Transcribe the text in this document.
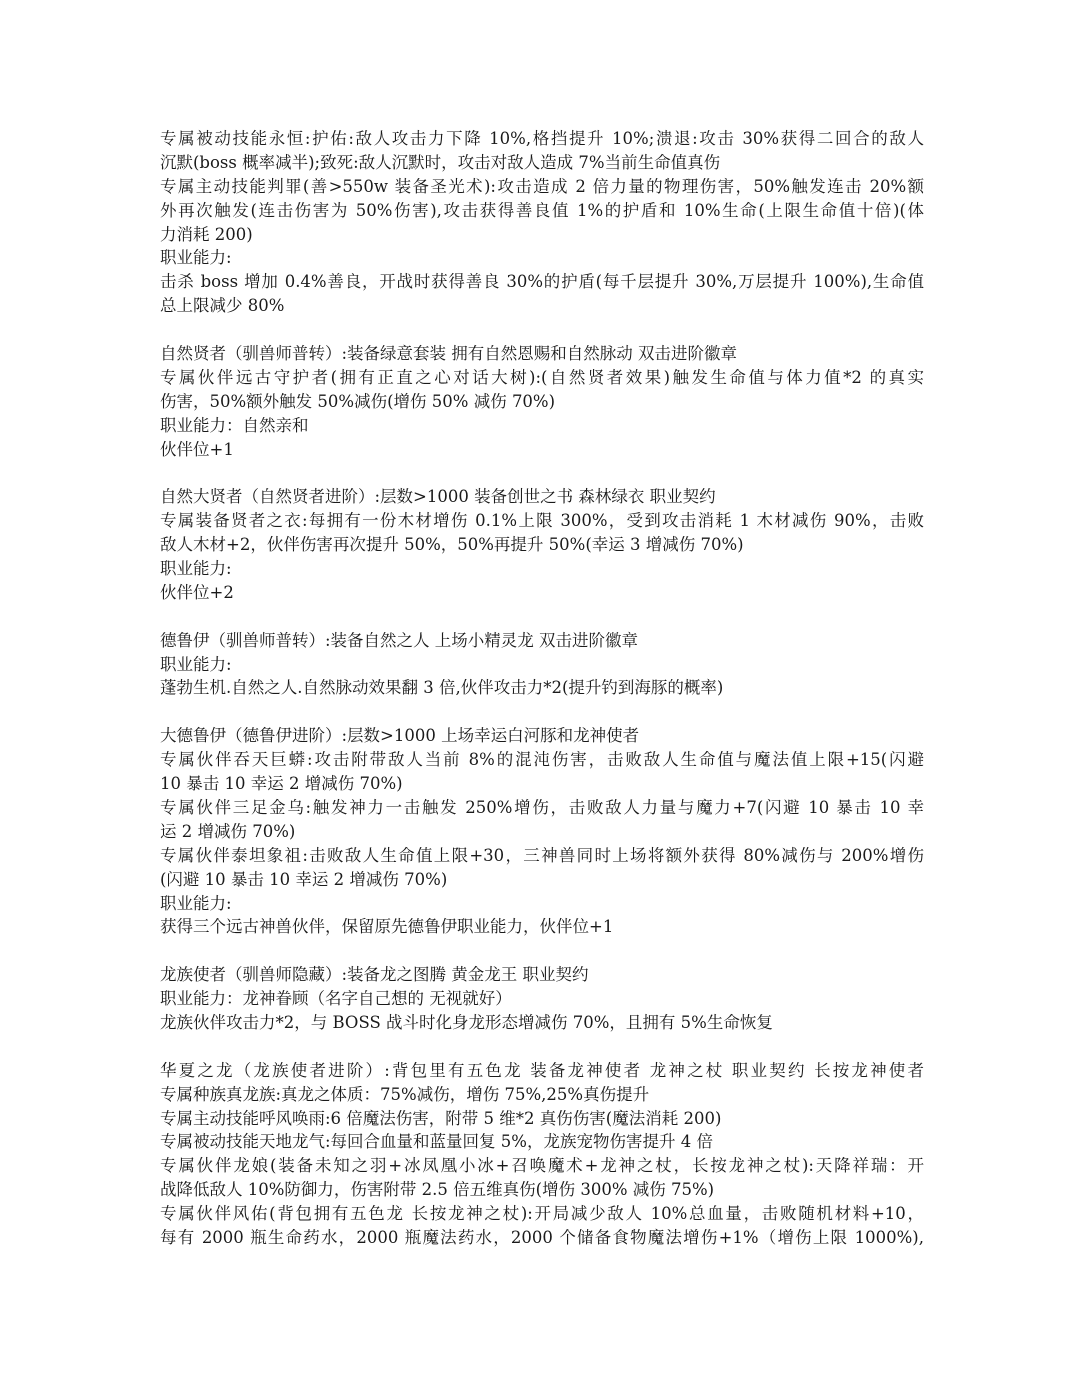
专属被动技能永恒:护佑:敌人攻击力下降 10%,格挡提升 10%;溃退:攻击 30%获得二回合的敌人
沉默(boss 概率减半);致死:敌人沉默时，攻击对敌人造成 7%当前生命值真伤
专属主动技能判罪(善>550w 装备圣光术):攻击造成 2 倍力量的物理伤害，50%触发连击 20%额
外再次触发(连击伤害为 50%伤害),攻击获得善良值 1%的护盾和 10%生命(上限生命值十倍)(体
力消耗 200)
职业能力:
击杀 boss 增加 0.4%善良，开战时获得善良 30%的护盾(每千层提升 30%,万层提升 100%),生命值
总上限减少 80%
自然贤者（驯兽师普转）:装备绿意套装 拥有自然恩赐和自然脉动 双击进阶徽章
专属伙伴远古守护者(拥有正直之心对话大树):(自然贤者效果)触发生命值与体力值*2 的真实
伤害，50%额外触发 50%减伤(增伤 50% 减伤 70%)
职业能力：自然亲和
伙伴位+1
自然大贤者（自然贤者进阶）:层数>1000 装备创世之书 森林绿衣 职业契约
专属装备贤者之衣:每拥有一份木材增伤 0.1%上限 300%，受到攻击消耗 1 木材减伤 90%，击败
敌人木材+2，伙伴伤害再次提升 50%，50%再提升 50%(幸运 3 增减伤 70%)
职业能力:
伙伴位+2
德鲁伊（驯兽师普转）:装备自然之人 上场小精灵龙 双击进阶徽章
职业能力:
蓬勃生机.自然之人.自然脉动效果翻 3 倍,伙伴攻击力*2(提升钓到海豚的概率)
大德鲁伊（德鲁伊进阶）:层数>1000 上场幸运白河豚和龙神使者
专属伙伴吞天巨蟒:攻击附带敌人当前 8%的混沌伤害，击败敌人生命值与魔法值上限+15(闪避
10 暴击 10 幸运 2 增减伤 70%)
专属伙伴三足金乌:触发神力一击触发 250%增伤，击败敌人力量与魔力+7(闪避 10 暴击 10 幸
运 2 增减伤 70%)
专属伙伴泰坦象祖:击败敌人生命值上限+30，三神兽同时上场将额外获得 80%减伤与 200%增伤
(闪避 10 暴击 10 幸运 2 增减伤 70%)
职业能力:
获得三个远古神兽伙伴，保留原先德鲁伊职业能力，伙伴位+1
龙族使者（驯兽师隐藏）:装备龙之图腾 黄金龙王 职业契约
职业能力：龙神眷顾（名字自己想的 无视就好）
龙族伙伴攻击力*2，与 BOSS 战斗时化身龙形态增减伤 70%，且拥有 5%生命恢复
华夏之龙（龙族使者进阶）:背包里有五色龙 装备龙神使者 龙神之杖 职业契约 长按龙神使者
专属种族真龙族:真龙之体质：75%减伤，增伤 75%,25%真伤提升
专属主动技能呼风唤雨:6 倍魔法伤害，附带 5 维*2 真伤伤害(魔法消耗 200)
专属被动技能天地龙气:每回合血量和蓝量回复 5%，龙族宠物伤害提升 4 倍
专属伙伴龙娘(装备未知之羽+冰凤凰小冰+召唤魔术+龙神之杖，长按龙神之杖):天降祥瑞：开
战降低敌人 10%防御力，伤害附带 2.5 倍五维真伤(增伤 300% 减伤 75%)
专属伙伴风佑(背包拥有五色龙 长按龙神之杖):开局减少敌人 10%总血量，击败随机材料+10，
每有 2000 瓶生命药水，2000 瓶魔法药水，2000 个储备食物魔法增伤+1%（增伤上限 1000%),
